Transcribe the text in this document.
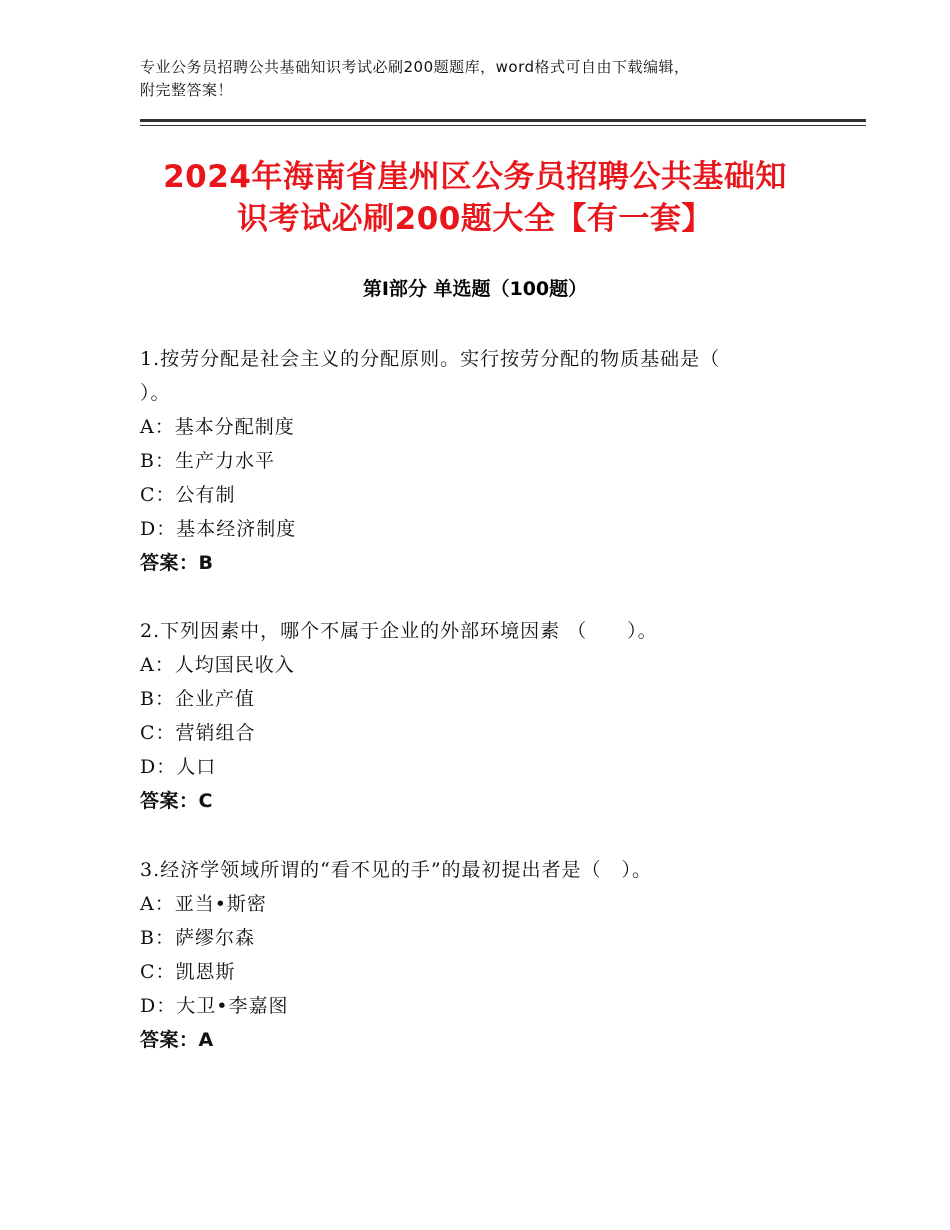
专业公务员招聘公共基础知识考试必刷200题题库，word格式可自由下载编辑，
附完整答案！
2024年海南省崖州区公务员招聘公共基础知
识考试必刷200题大全【有一套】
第Ⅰ部分 单选题（100题）
1.按劳分配是社会主义的分配原则。实行按劳分配的物质基础是（
）。
A：基本分配制度
B：生产力水平
C：公有制
D：基本经济制度
答案：B
2.下列因素中，哪个不属于企业的外部环境因素 （　　）。
A：人均国民收入
B：企业产值
C：营销组合
D：人口
答案：C
3.经济学领域所谓的“看不见的手”的最初提出者是（　）。
A：亚当•斯密
B：萨缪尔森
C：凯恩斯
D：大卫•李嘉图
答案：A
